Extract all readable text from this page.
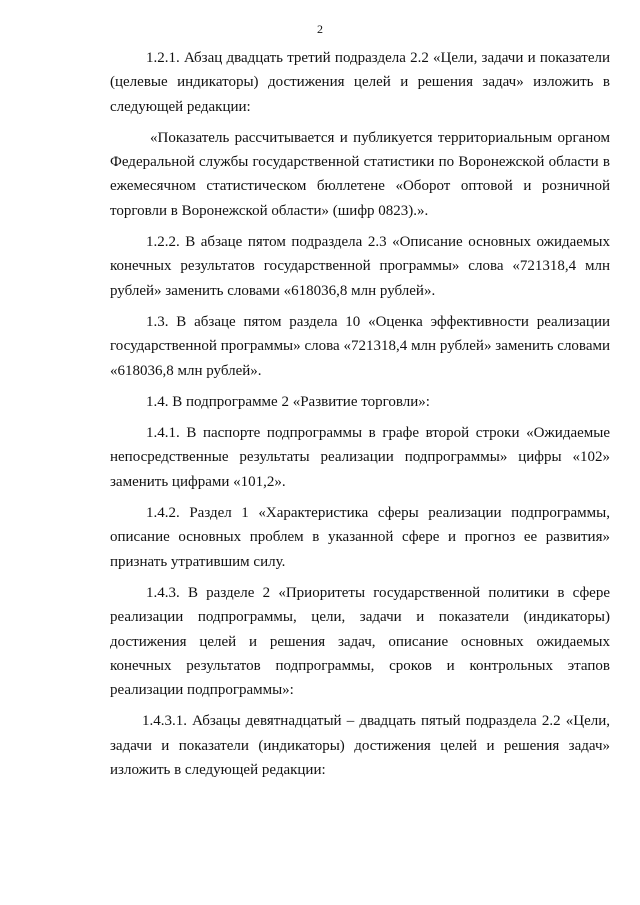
2

1.2.1. Абзац двадцать третий подраздела 2.2 «Цели, задачи и показатели (целевые индикаторы) достижения целей и решения задач» изложить в следующей редакции:

«Показатель рассчитывается и публикуется территориальным органом Федеральной службы государственной статистики по Воронежской области в ежемесячном статистическом бюллетене «Оборот оптовой и розничной торговли в Воронежской области» (шифр 0823).».

1.2.2. В абзаце пятом подраздела 2.3 «Описание основных ожидаемых конечных результатов государственной программы» слова «721318,4 млн рублей» заменить словами «618036,8 млн рублей».

1.3. В абзаце пятом раздела 10 «Оценка эффективности реализации государственной программы» слова «721318,4 млн рублей» заменить словами «618036,8 млн рублей».

1.4. В подпрограмме 2 «Развитие торговли»:

1.4.1. В паспорте подпрограммы в графе второй строки «Ожидаемые непосредственные результаты реализации подпрограммы» цифры «102» заменить цифрами «101,2».

1.4.2. Раздел 1 «Характеристика сферы реализации подпрограммы, описание основных проблем в указанной сфере и прогноз ее развития» признать утратившим силу.

1.4.3. В разделе 2 «Приоритеты государственной политики в сфере реализации подпрограммы, цели, задачи и показатели (индикаторы) достижения целей и решения задач, описание основных ожидаемых конечных результатов подпрограммы, сроков и контрольных этапов реализации подпрограммы»:

1.4.3.1. Абзацы девятнадцатый – двадцать пятый подраздела 2.2 «Цели, задачи и показатели (индикаторы) достижения целей и решения задач» изложить в следующей редакции:
